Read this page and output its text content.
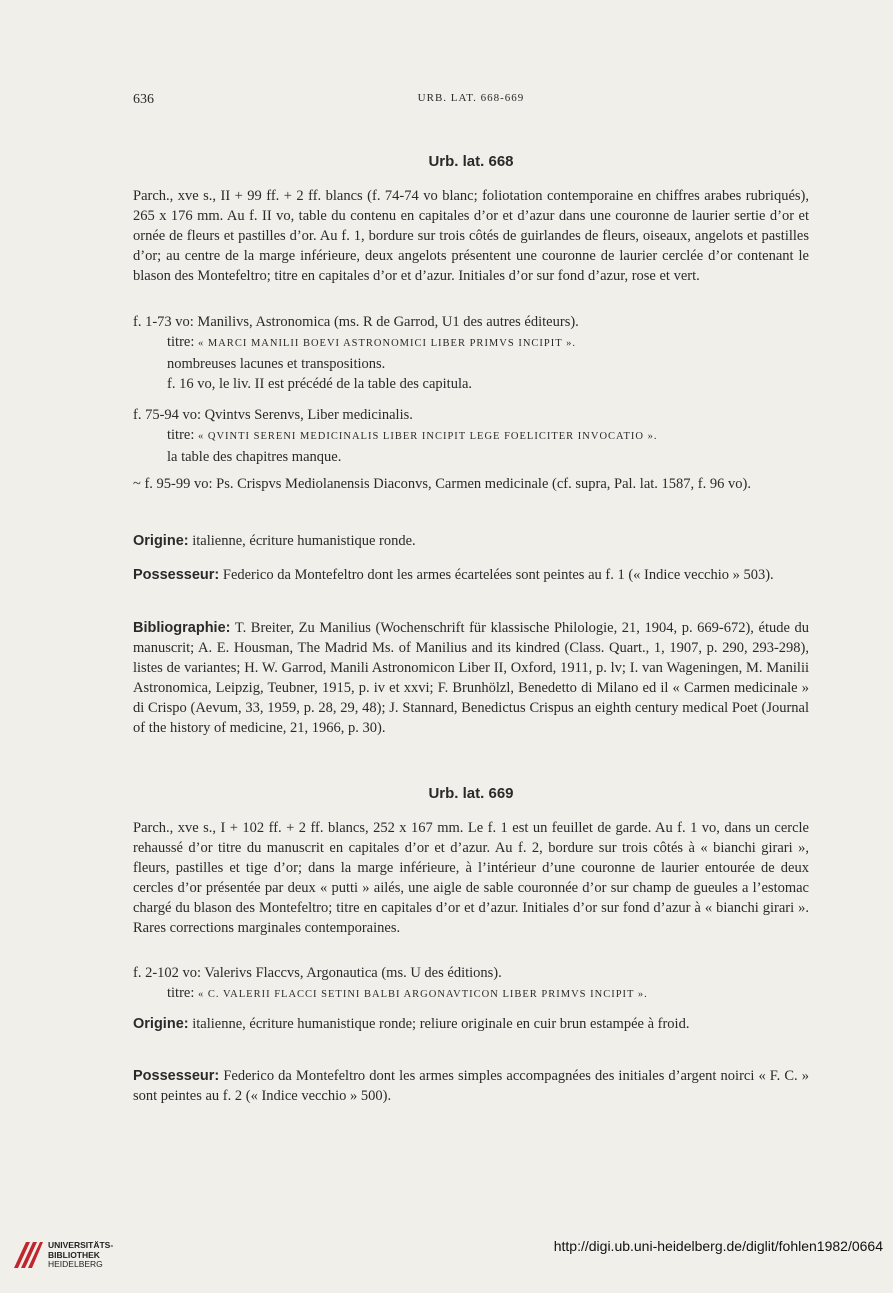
636	URB. LAT. 668-669
Urb. lat. 668

Parch., xve s., II + 99 ff. + 2 ff. blancs (f. 74-74 vo blanc; foliotation contemporaine en chiffres arabes rubriqués), 265 x 176 mm. Au f. II vo, table du contenu en capitales d’or et d’azur dans une couronne de laurier sertie d’or et ornée de fleurs et pastilles d’or. Au f. 1, bordure sur trois côtés de guirlandes de fleurs, oiseaux, angelots et pastilles d’or; au centre de la marge inférieure, deux angelots présentent une couronne de laurier cerclée d’or contenant le blason des Montefeltro; titre en capitales d’or et d’azur. Initiales d’or sur fond d’azur, rose et vert.

f. 1-73 vo: Manilivs, Astronomica (ms. R de Garrod, U1 des autres éditeurs).

titre: « MARCI MANILII BOEVI ASTRONOMICI LIBER PRIMVS INCIPIT ».

nombreuses lacunes et transpositions.

f. 16 vo, le liv. II est précédé de la table des capitula.

f. 75-94 vo: Qvintvs Serenvs, Liber medicinalis.

titre: « QVINTI SERENI MEDICINALIS LIBER INCIPIT LEGE FOELICITER INVOCATIO ».

la table des chapitres manque.

~ f. 95-99 vo: Ps. Crispvs Mediolanensis Diaconvs, Carmen medicinale (cf. supra, Pal. lat. 1587, f. 96 vo).

Origine: italienne, écriture humanistique ronde.

Possesseur: Federico da Montefeltro dont les armes écartelées sont peintes au f. 1 (« Indice vecchio » 503).

Bibliographie: T. Breiter, Zu Manilius (Wochenschrift für klassische Philologie, 21, 1904, p. 669-672), étude du manuscrit; A. E. Housman, The Madrid Ms. of Manilius and its kindred (Class. Quart., 1, 1907, p. 290, 293-298), listes de variantes; H. W. Garrod, Manili Astronomicon Liber II, Oxford, 1911, p. lv; I. van Wageningen, M. Manilii Astronomica, Leipzig, Teubner, 1915, p. iv et xxvi; F. Brunhölzl, Benedetto di Milano ed il « Carmen medicinale » di Crispo (Aevum, 33, 1959, p. 28, 29, 48); J. Stannard, Benedictus Crispus an eighth century medical Poet (Journal of the history of medicine, 21, 1966, p. 30).

Urb. lat. 669

Parch., xve s., I + 102 ff. + 2 ff. blancs, 252 x 167 mm. Le f. 1 est un feuillet de garde. Au f. 1 vo, dans un cercle rehaussé d’or titre du manuscrit en capitales d’or et d’azur. Au f. 2, bordure sur trois côtés à « bianchi girari », fleurs, pastilles et tige d’or; dans la marge inférieure, à l’intérieur d’une couronne de laurier entourée de deux cercles d’or présentée par deux « putti » ailés, une aigle de sable couronnée d’or sur champ de gueules a l’estomac chargé du blason des Montefeltro; titre en capitales d’or et d’azur. Initiales d’or sur fond d’azur à « bianchi girari ». Rares corrections marginales contemporaines.

f. 2-102 vo: Valerivs Flaccvs, Argonautica (ms. U des éditions).

titre: « C. VALERII FLACCI SETINI BALBI ARGONAVTICON LIBER PRIMVS INCIPIT ».

Origine: italienne, écriture humanistique ronde; reliure originale en cuir brun estampée à froid.

Possesseur: Federico da Montefeltro dont les armes simples accompagnées des initiales d’argent noirci « F. C. » sont peintes au f. 2 (« Indice vecchio » 500).

UNIVERSITÄTS-
BIBLIOTHEK
HEIDELBERG
http://digi.ub.uni-heidelberg.de/diglit/fohlen1982/0664
